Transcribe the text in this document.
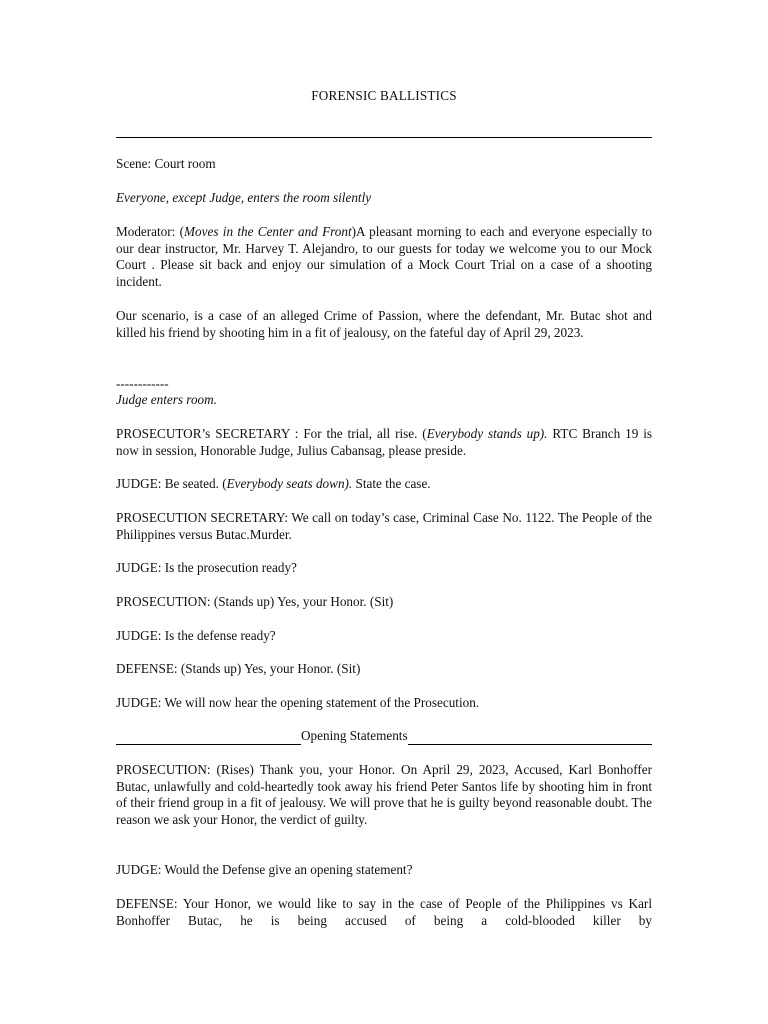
FORENSIC BALLISTICS

Scene: Court room

Everyone, except Judge, enters the room silently

Moderator: (Moves in the Center and Front)A pleasant morning to each and everyone especially to our dear instructor, Mr. Harvey T. Alejandro, to our guests for today we welcome you to our Mock Court . Please sit back and enjoy our simulation of a Mock Court Trial on a case of a shooting incident.

Our scenario, is a case of an alleged Crime of Passion, where the defendant, Mr. Butac shot and killed his friend by shooting him in a fit of jealousy, on the fateful day of April 29, 2023.

------------

Judge enters room.

PROSECUTOR’s SECRETARY : For the trial, all rise. (Everybody stands up). RTC Branch 19 is now in session, Honorable Judge, Julius Cabansag, please preside.

JUDGE: Be seated. (Everybody seats down). State the case.

PROSECUTION SECRETARY: We call on today’s case, Criminal Case No. 1122. The People of the Philippines versus Butac.Murder.

JUDGE: Is the prosecution ready?

PROSECUTION: (Stands up) Yes, your Honor. (Sit)

JUDGE: Is the defense ready?

DEFENSE: (Stands up) Yes, your Honor. (Sit)

JUDGE: We will now hear the opening statement of the Prosecution.

Opening Statements

PROSECUTION: (Rises) Thank you, your Honor. On April 29, 2023, Accused, Karl Bonhoffer Butac, unlawfully and cold-heartedly took away his friend Peter Santos life by shooting him in front of their friend group in a fit of jealousy. We will prove that he is guilty beyond reasonable doubt. The reason we ask your Honor, the verdict of guilty.

JUDGE: Would the Defense give an opening statement?

DEFENSE: Your Honor, we would like to say in the case of People of the Philippines vs Karl Bonhoffer Butac, he is being accused of being a cold-blooded killer by
